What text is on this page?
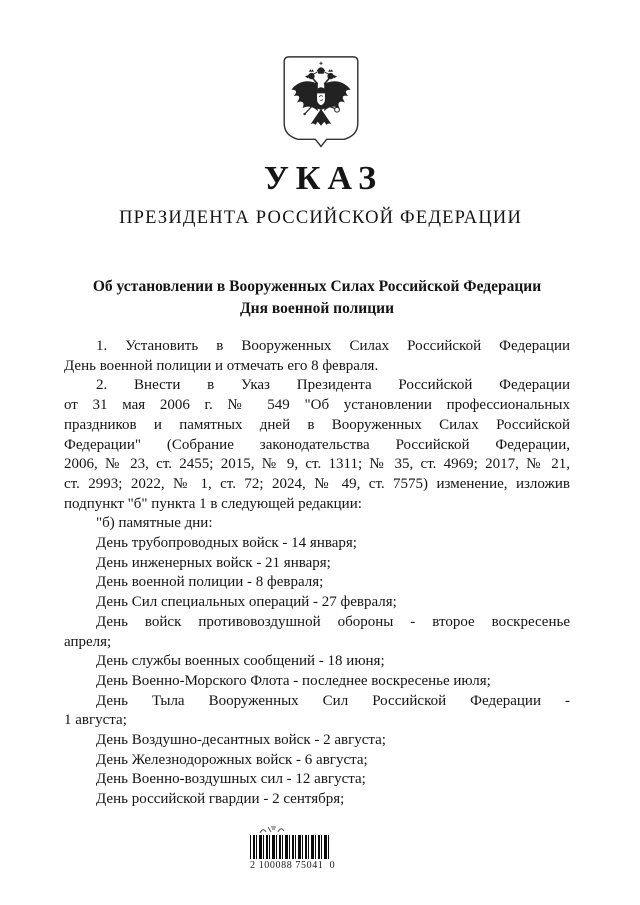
УКАЗ
ПРЕЗИДЕНТА РОССИЙСКОЙ ФЕДЕРАЦИИ
Об установлении в Вооруженных Силах Российской Федерации
Дня военной полиции
1. Установить в Вооруженных Силах Российской Федерации
День военной полиции и отмечать его 8 февраля.
2. Внести в Указ Президента Российской Федерации
от 31 мая 2006 г. № 549 "Об установлении профессиональных
праздников и памятных дней в Вооруженных Силах Российской
Федерации" (Собрание законодательства Российской Федерации,
2006, № 23, ст. 2455; 2015, № 9, ст. 1311; № 35, ст. 4969; 2017, № 21,
ст. 2993; 2022, № 1, ст. 72; 2024, № 49, ст. 7575) изменение, изложив
подпункт "б" пункта 1 в следующей редакции:
"б) памятные дни:
День трубопроводных войск - 14 января;
День инженерных войск - 21 января;
День военной полиции - 8 февраля;
День Сил специальных операций - 27 февраля;
День войск противовоздушной обороны - второе воскресенье
апреля;
День службы военных сообщений - 18 июня;
День Военно-Морского Флота - последнее воскресенье июля;
День Тыла Вооруженных Сил Российской Федерации -
1 августа;
День Воздушно-десантных войск - 2 августа;
День Железнодорожных войск - 6 августа;
День Военно-воздушных сил - 12 августа;
День российской гвардии - 2 сентября;
2 100088 75041  0
